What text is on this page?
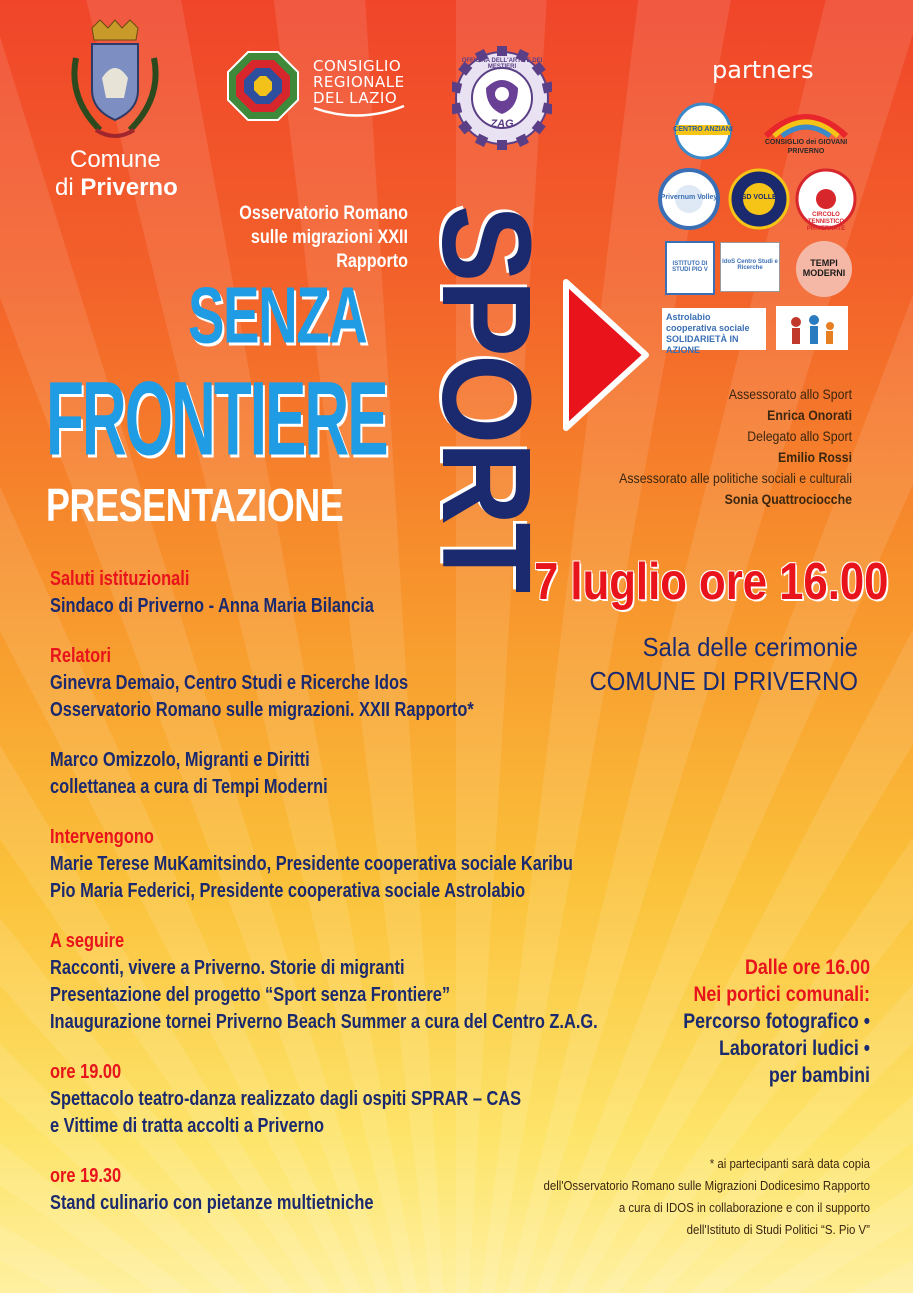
Comune
di Priverno
CONSIGLIO
REGIONALE
DEL LAZIO
OFFICINA DELL'ARTE E DEI MESTIERI
ZAG
partners
CENTRO ANZIANI
CONSIGLIO dei GIOVANI PRIVERNO
Privernum Volley	ASD VOLLEY
CIRCOLO TENNISTICO PRIVERNATE
ISTITUTO DI STUDI PIO V
IdoS Centro Studi e Ricerche	TEMPI MODERNI
Astrolabio cooperativa sociale SOLIDARIETÀ IN AZIONE
Osservatorio Romano
sulle migrazioni XXII Rapporto
SENZA
FRONTIERE SPORT
PRESENTAZIONE
Assessorato allo Sport
Enrica Onorati
Delegato allo Sport
Emilio Rossi
Assessorato alle politiche sociali e culturali
Sonia Quattrociocche
7 luglio ore 16.00
Sala delle cerimonie
COMUNE DI PRIVERNO
Saluti istituzionali
Sindaco di Priverno - Anna Maria Bilancia
Relatori
Ginevra Demaio, Centro Studi e Ricerche Idos
Osservatorio Romano sulle migrazioni. XXII Rapporto*
Marco Omizzolo, Migranti e Diritti
collettanea a cura di Tempi Moderni
Intervengono
Marie Terese MuKamitsindo, Presidente cooperativa sociale Karibu
Pio Maria Federici, Presidente cooperativa sociale Astrolabio
A seguire
Racconti, vivere a Priverno. Storie di migranti
Presentazione del progetto “Sport senza Frontiere”
Inaugurazione tornei Priverno Beach Summer a cura del Centro Z.A.G.
ore 19.00
Spettacolo teatro-danza realizzato dagli ospiti SPRAR – CAS
e Vittime di tratta accolti a Priverno
ore 19.30
Stand culinario con pietanze multietniche
Dalle ore 16.00
Nei portici comunali:
Percorso fotografico •
Laboratori ludici •
per bambini
* ai partecipanti sarà data copia
dell'Osservatorio Romano sulle Migrazioni Dodicesimo Rapporto
a cura di IDOS in collaborazione e con il supporto
dell'Istituto di Studi Politici “S. Pio V”
